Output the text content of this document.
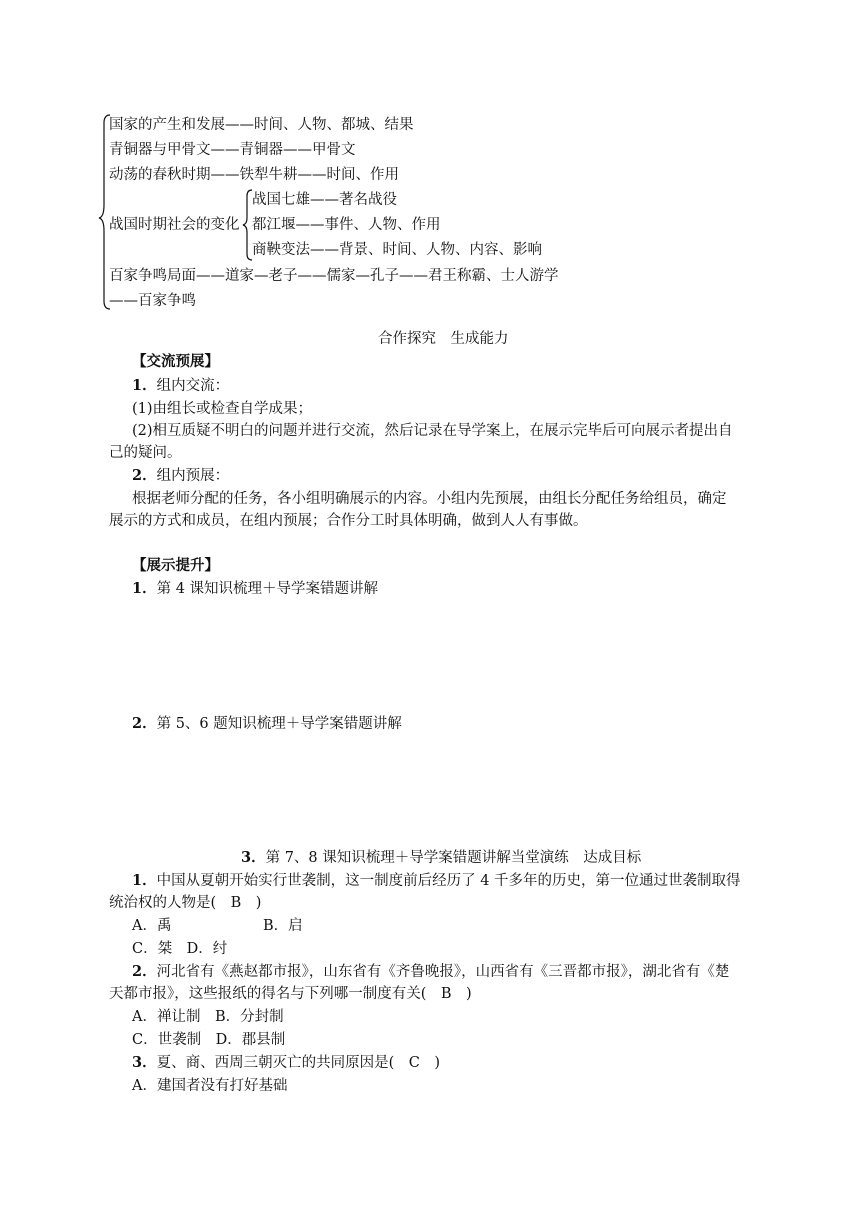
国家的产生和发展——时间、人物、都城、结果
青铜器与甲骨文——青铜器——甲骨文
动荡的春秋时期——铁犁牛耕——时间、作用
战国时期社会的变化
战国七雄——著名战役
都江堰——事件、人物、作用
商鞅变法——背景、时间、人物、内容、影响
百家争鸣局面——道家—老子——儒家—孔子——君王称霸、士人游学
——百家争鸣
合作探究　生成能力
【交流预展】
1．组内交流：
(1)由组长或检查自学成果；
(2)相互质疑不明白的问题并进行交流，然后记录在导学案上，在展示完毕后可向展示者提出自
己的疑问。
2．组内预展：
根据老师分配的任务，各小组明确展示的内容。小组内先预展，由组长分配任务给组员，确定
展示的方式和成员，在组内预展；合作分工时具体明确，做到人人有事做。
【展示提升】
1．第 4 课知识梳理＋导学案错题讲解
2．第 5、6 题知识梳理＋导学案错题讲解
3．第 7、8 课知识梳理＋导学案错题讲解当堂演练　达成目标
1．中国从夏朝开始实行世袭制，这一制度前后经历了 4 千多年的历史，第一位通过世袭制取得
统治权的人物是(　B　)
A．禹	B．启
C．桀　D．纣
2．河北省有《燕赵都市报》，山东省有《齐鲁晚报》，山西省有《三晋都市报》，湖北省有《楚
天都市报》，这些报纸的得名与下列哪一制度有关(　B　)
A．禅让制　B．分封制
C．世袭制　D．郡县制
3．夏、商、西周三朝灭亡的共同原因是(　C　)
A．建国者没有打好基础
